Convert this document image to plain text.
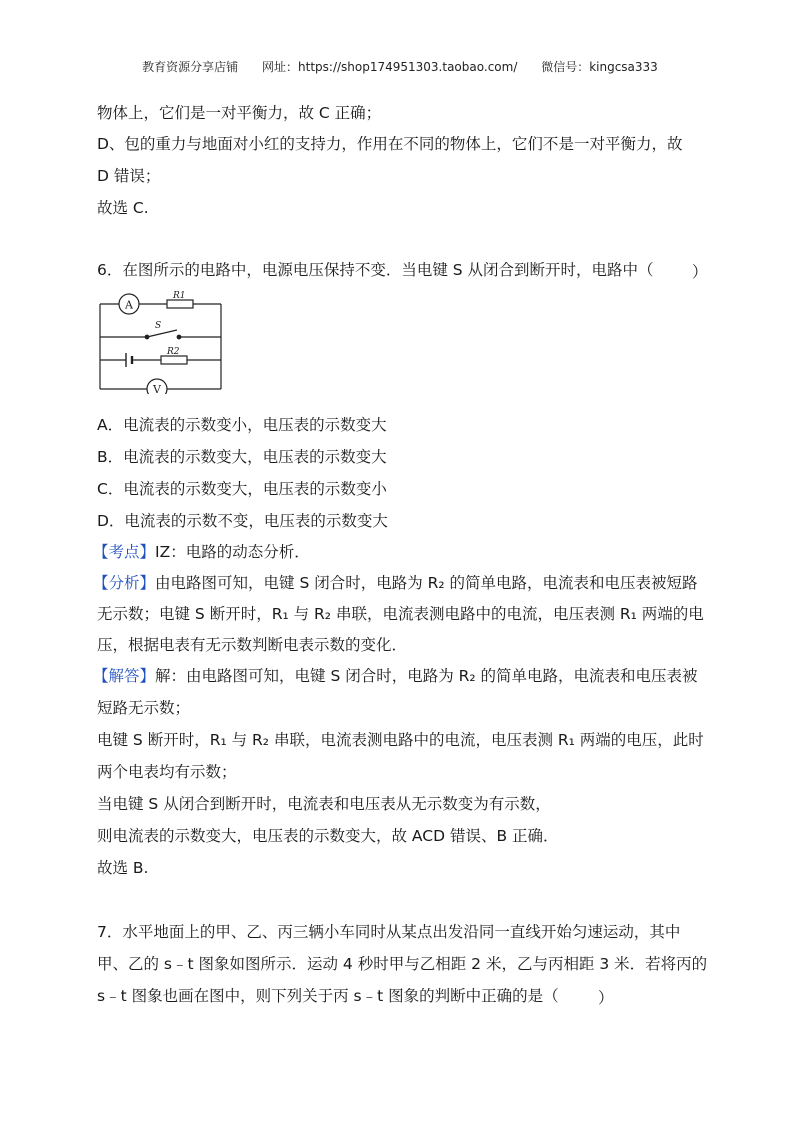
教育资源分享店铺 网址：https://shop174951303.taobao.com/ 微信号：kingcsa333
物体上，它们是一对平衡力，故 C 正确；
D、包的重力与地面对小红的支持力，作用在不同的物体上，它们不是一对平衡力，故
D 错误；
故选 C.
6．在图所示的电路中，电源电压保持不变．当电键 S 从闭合到断开时，电路中（ ）
A
V
R1
R2
S
A．电流表的示数变小，电压表的示数变大
B．电流表的示数变大，电压表的示数变大
C．电流表的示数变大，电压表的示数变小
D．电流表的示数不变，电压表的示数变大
【考点】IZ：电路的动态分析．
【分析】由电路图可知，电键 S 闭合时，电路为 R₂ 的简单电路，电流表和电压表被短路
无示数；电键 S 断开时，R₁ 与 R₂ 串联，电流表测电路中的电流，电压表测 R₁ 两端的电
压，根据电表有无示数判断电表示数的变化．
【解答】解：由电路图可知，电键 S 闭合时，电路为 R₂ 的简单电路，电流表和电压表被
短路无示数；
电键 S 断开时，R₁ 与 R₂ 串联，电流表测电路中的电流，电压表测 R₁ 两端的电压，此时
两个电表均有示数；
当电键 S 从闭合到断开时，电流表和电压表从无示数变为有示数，
则电流表的示数变大，电压表的示数变大，故 ACD 错误、B 正确．
故选 B.
7．水平地面上的甲、乙、丙三辆小车同时从某点出发沿同一直线开始匀速运动，其中
甲、乙的 s﹣t 图象如图所示．运动 4 秒时甲与乙相距 2 米，乙与丙相距 3 米．若将丙的
s﹣t 图象也画在图中，则下列关于丙 s﹣t 图象的判断中正确的是（	）
